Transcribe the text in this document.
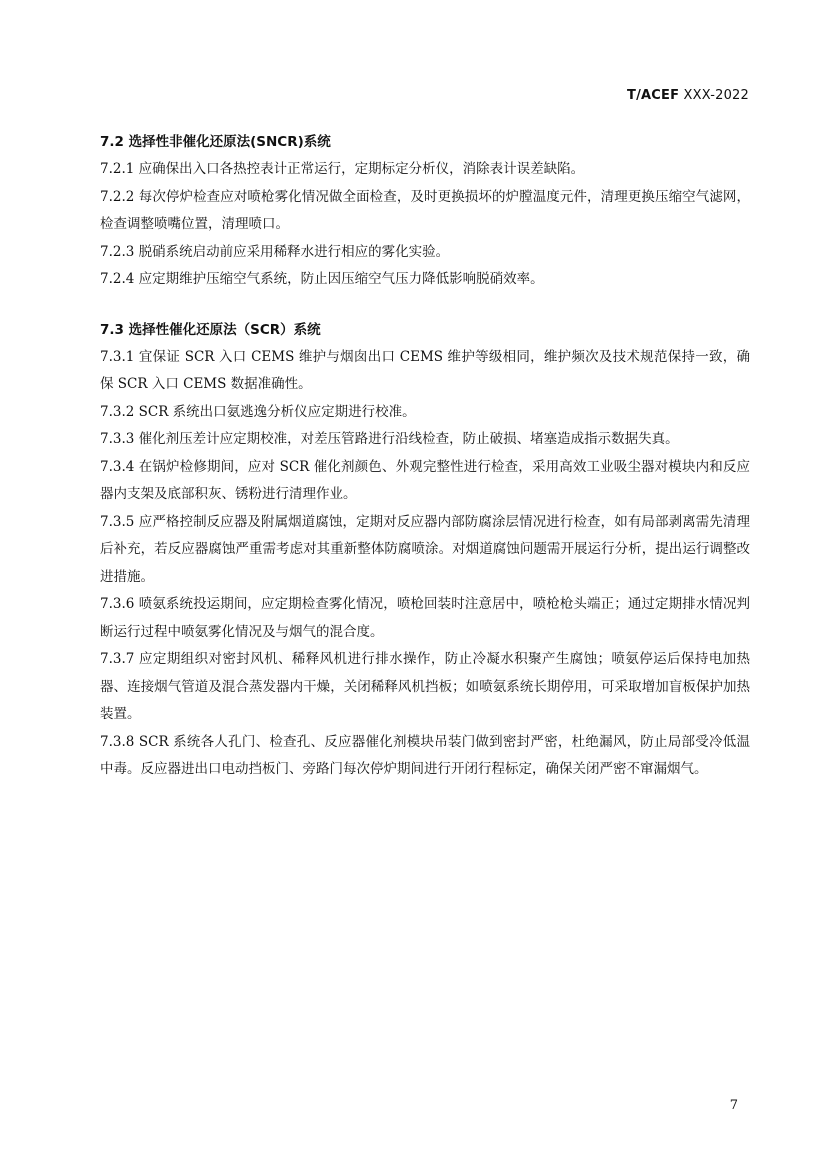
T/ACEF XXX-2022

7.2 选择性非催化还原法(SNCR)系统

7.2.1 应确保出入口各热控表计正常运行，定期标定分析仪，消除表计误差缺陷。

7.2.2 每次停炉检查应对喷枪雾化情况做全面检查，及时更换损坏的炉膛温度元件，清理更换压缩空气滤网，检查调整喷嘴位置，清理喷口。

7.2.3 脱硝系统启动前应采用稀释水进行相应的雾化实验。

7.2.4 应定期维护压缩空气系统，防止因压缩空气压力降低影响脱硝效率。

7.3 选择性催化还原法（SCR）系统

7.3.1 宜保证 SCR 入口 CEMS 维护与烟囱出口 CEMS 维护等级相同，维护频次及技术规范保持一致，确保 SCR 入口 CEMS 数据准确性。

7.3.2 SCR 系统出口氨逃逸分析仪应定期进行校准。

7.3.3 催化剂压差计应定期校准，对差压管路进行沿线检查，防止破损、堵塞造成指示数据失真。

7.3.4 在锅炉检修期间，应对 SCR 催化剂颜色、外观完整性进行检查，采用高效工业吸尘器对模块内和反应器内支架及底部积灰、锈粉进行清理作业。

7.3.5 应严格控制反应器及附属烟道腐蚀，定期对反应器内部防腐涂层情况进行检查，如有局部剥离需先清理后补充，若反应器腐蚀严重需考虑对其重新整体防腐喷涂。对烟道腐蚀问题需开展运行分析，提出运行调整改进措施。

7.3.6 喷氨系统投运期间，应定期检查雾化情况，喷枪回装时注意居中，喷枪枪头端正；通过定期排水情况判断运行过程中喷氨雾化情况及与烟气的混合度。

7.3.7 应定期组织对密封风机、稀释风机进行排水操作，防止冷凝水积聚产生腐蚀；喷氨停运后保持电加热器、连接烟气管道及混合蒸发器内干燥，关闭稀释风机挡板；如喷氨系统长期停用，可采取增加盲板保护加热装置。

7.3.8 SCR 系统各人孔门、检查孔、反应器催化剂模块吊装门做到密封严密，杜绝漏风，防止局部受冷低温中毒。反应器进出口电动挡板门、旁路门每次停炉期间进行开闭行程标定，确保关闭严密不窜漏烟气。

7
